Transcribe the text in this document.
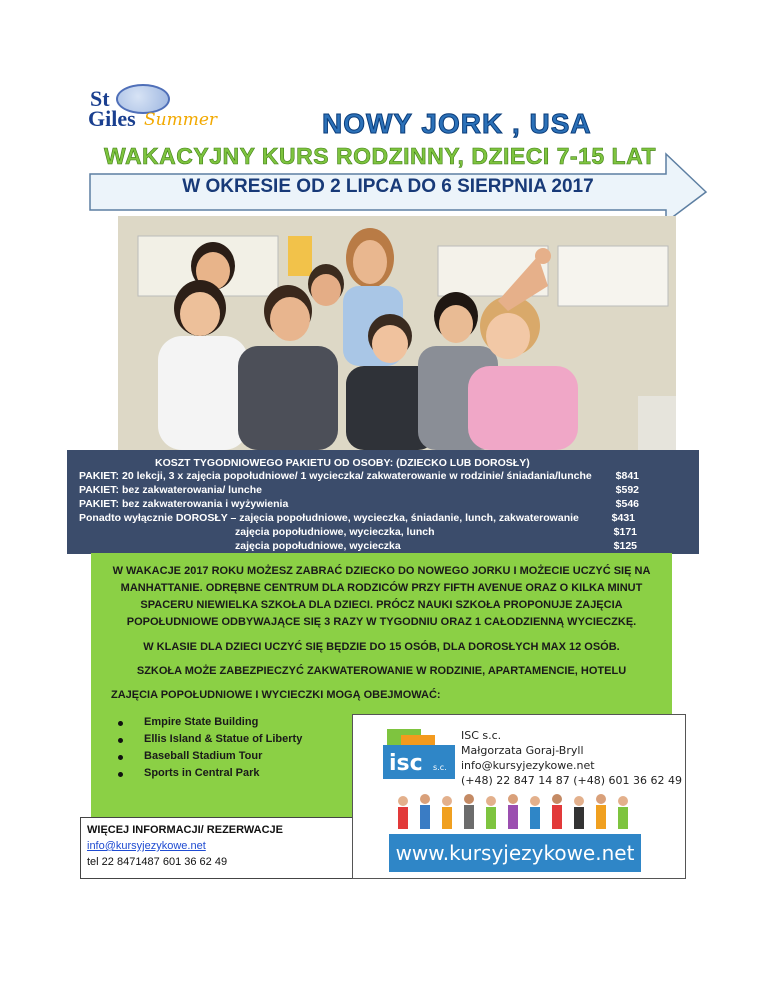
St
Giles Summer	NOWY JORK , USA
WAKACYJNY KURS RODZINNY, DZIECI 7-15 LAT
W OKRESIE OD 2 LIPCA DO 6 SIERPNIA 2017
KOSZT TYGODNIOWEGO PAKIETU OD OSOBY: (DZIECKO LUB DOROSŁY)
PAKIET: 20 lekcji, 3 x zajęcia popołudniowe/ 1 wycieczka/ zakwaterowanie w rodzinie/ śniadania/lunche $841
PAKIET: bez zakwaterowania/ lunche	$592
PAKIET: bez zakwaterowania i wyżywienia	$546
Ponadto wyłącznie DOROSŁY – zajęcia popołudniowe, wycieczka, śniadanie, lunch, zakwaterowanie	$431
zajęcia popołudniowe, wycieczka, lunch	$171
zajęcia popołudniowe, wycieczka	$125
W WAKACJE 2017 ROKU MOŻESZ ZABRAĆ DZIECKO DO NOWEGO JORKU I MOŻECIE UCZYĆ SIĘ NA MANHATTANIE. ODRĘBNE CENTRUM DLA RODZICÓW PRZY FIFTH AVENUE ORAZ O KILKA MINUT SPACERU NIEWIELKA SZKOŁA DLA DZIECI. PRÓCZ NAUKI SZKOŁA PROPONUJE ZAJĘCIA POPOŁUDNIOWE ODBYWAJĄCE SIĘ 3 RAZY W TYGODNIU ORAZ 1 CAŁODZIENNĄ WYCIECZKĘ.
W KLASIE DLA DZIECI UCZYĆ SIĘ BĘDZIE DO 15 OSÓB, DLA DOROSŁYCH MAX 12 OSÓB.
SZKOŁA MOŻE ZABEZPIECZYĆ ZAKWATEROWANIE W RODZINIE, APARTAMENCIE, HOTELU
ZAJĘCIA POPOŁUDNIOWE I WYCIECZKI MOGĄ OBEJMOWAĆ:
Empire State Building
Ellis Island & Statue of Liberty
Baseball Stadium Tour
Sports in Central Park
WIĘCEJ INFORMACJI/ REZERWACJE
info@kursyjezykowe.net
tel 22 8471487 601 36 62 49
isc s.c.
ISC s.c.
Małgorzata Goraj-Bryll
info@kursyjezykowe.net
(+48) 22 847 14 87 (+48) 601 36 62 49
www.kursyjezykowe.net
